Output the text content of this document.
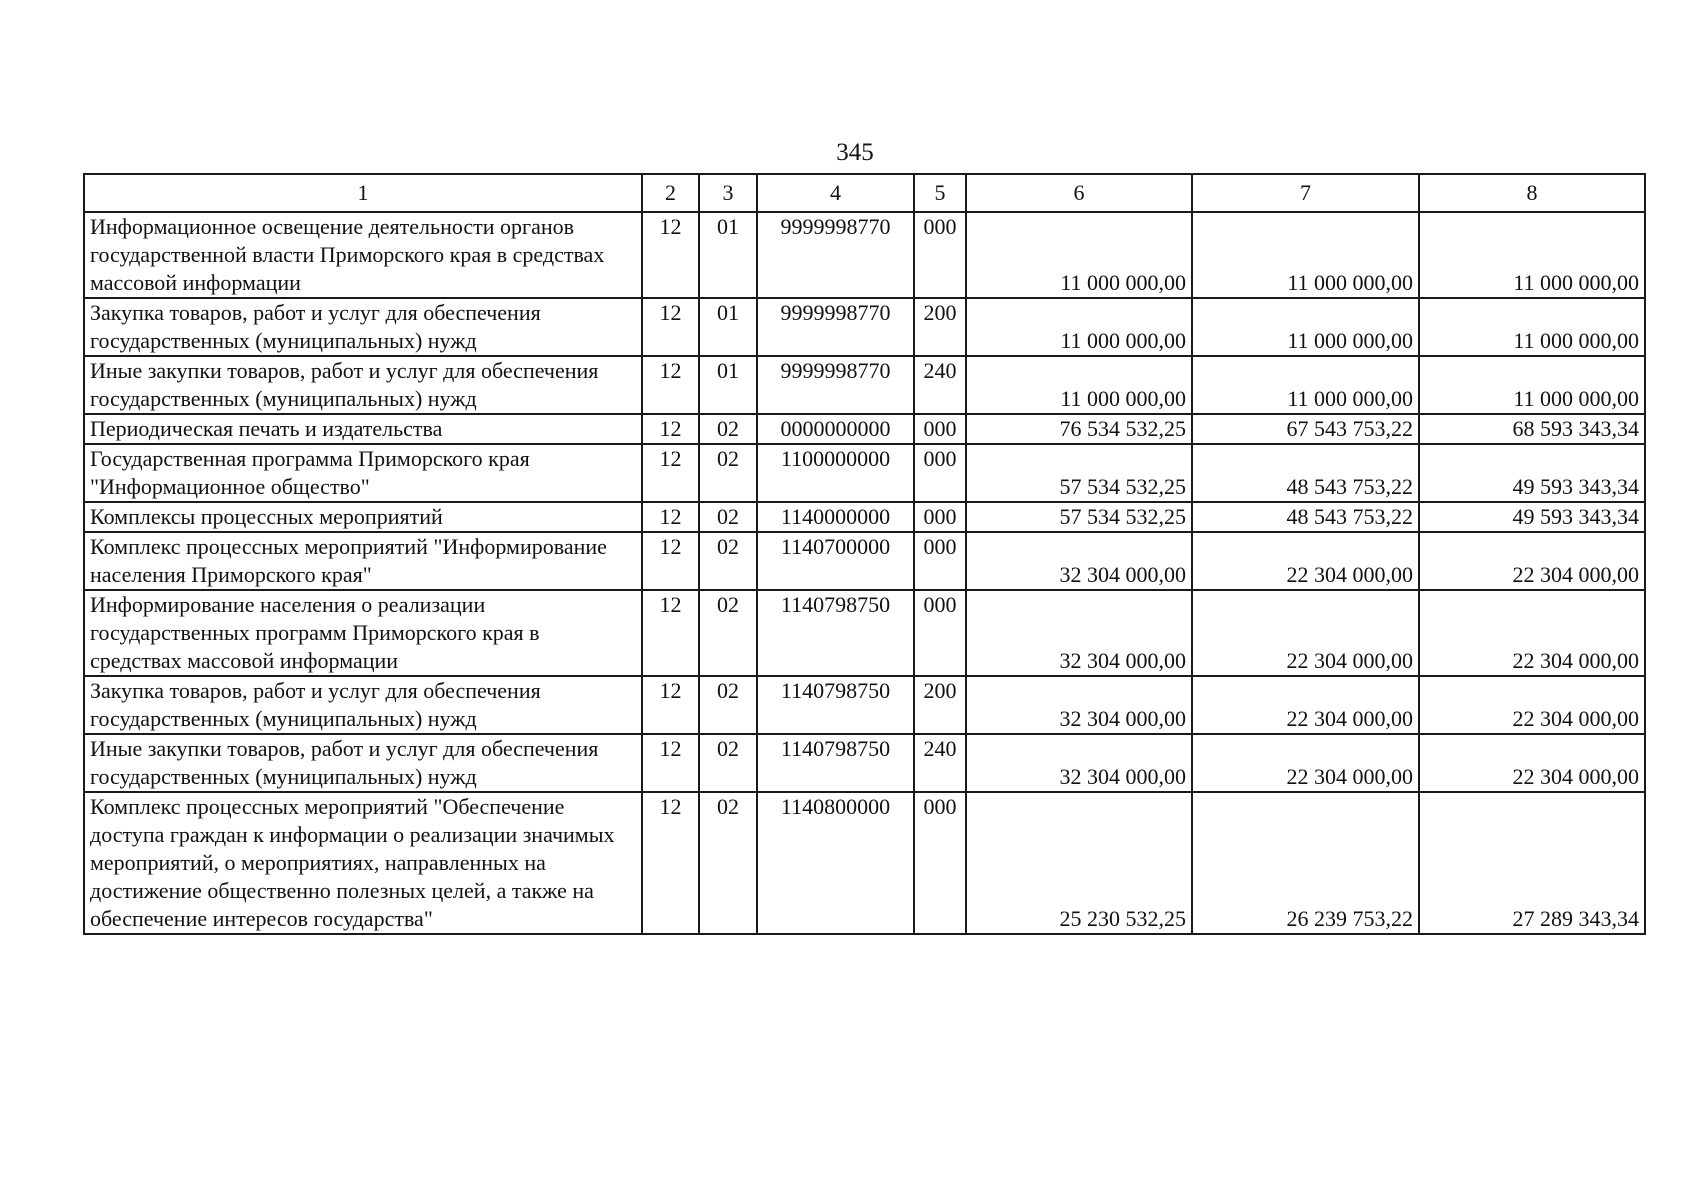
345
1	2	3	4	5	6	7	8
Информационное освещение деятельности органов государственной власти Приморского края в средствах массовой информации	12	01	9999998770	000	11 000 000,00	11 000 000,00	11 000 000,00
Закупка товаров, работ и услуг для обеспечения государственных (муниципальных) нужд	12	01	9999998770	200	11 000 000,00	11 000 000,00	11 000 000,00
Иные закупки товаров, работ и услуг для обеспечения государственных (муниципальных) нужд	12	01	9999998770	240	11 000 000,00	11 000 000,00	11 000 000,00
Периодическая печать и издательства	12	02	0000000000	000	76 534 532,25	67 543 753,22	68 593 343,34
Государственная программа Приморского края "Информационное общество"	12	02	1100000000	000	57 534 532,25	48 543 753,22	49 593 343,34
Комплексы процессных мероприятий	12	02	1140000000	000	57 534 532,25	48 543 753,22	49 593 343,34
Комплекс процессных мероприятий "Информирование населения Приморского края"	12	02	1140700000	000	32 304 000,00	22 304 000,00	22 304 000,00
Информирование населения о реализации государственных программ Приморского края в средствах массовой информации	12	02	1140798750	000	32 304 000,00	22 304 000,00	22 304 000,00
Закупка товаров, работ и услуг для обеспечения государственных (муниципальных) нужд	12	02	1140798750	200	32 304 000,00	22 304 000,00	22 304 000,00
Иные закупки товаров, работ и услуг для обеспечения государственных (муниципальных) нужд	12	02	1140798750	240	32 304 000,00	22 304 000,00	22 304 000,00
Комплекс процессных мероприятий "Обеспечение доступа граждан к информации о реализации значимых мероприятий, о мероприятиях, направленных на достижение общественно полезных целей, а также на обеспечение интересов государства"	12	02	1140800000	000	25 230 532,25	26 239 753,22	27 289 343,34
